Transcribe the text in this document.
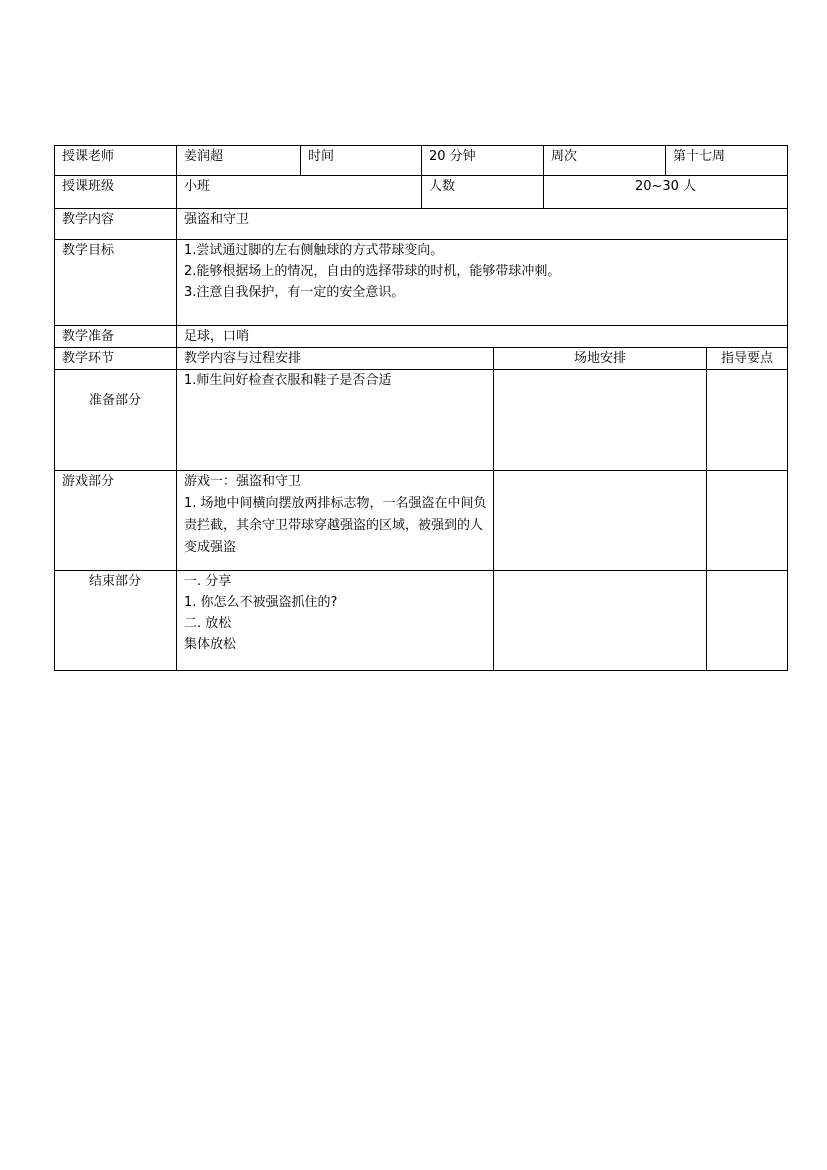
授课老师	姜润超	时间	20 分钟	周次	第十七周
授课班级	小班		人数	20~30 人	
教学内容	强盗和守卫				
教学目标	1.尝试通过脚的左右侧触球的方式带球变向。
2.能够根据场上的情况，自由的选择带球的时机，能够带球冲刺。
3.注意自我保护，有一定的安全意识。				

教学准备	足球，口哨				
教学环节	教学内容与过程安排	场地安排	指导要点

准备部分	1.师生问好检查衣服和鞋子是否合适		

游戏部分	游戏一：强盗和守卫
1. 场地中间横向摆放两排标志物，一名强盗在中间负责拦截，其余守卫带球穿越强盗的区域，被强到的人变成强盗		

结束部分	一. 分享
1. 你怎么不被强盗抓住的?
二. 放松
集体放松		
